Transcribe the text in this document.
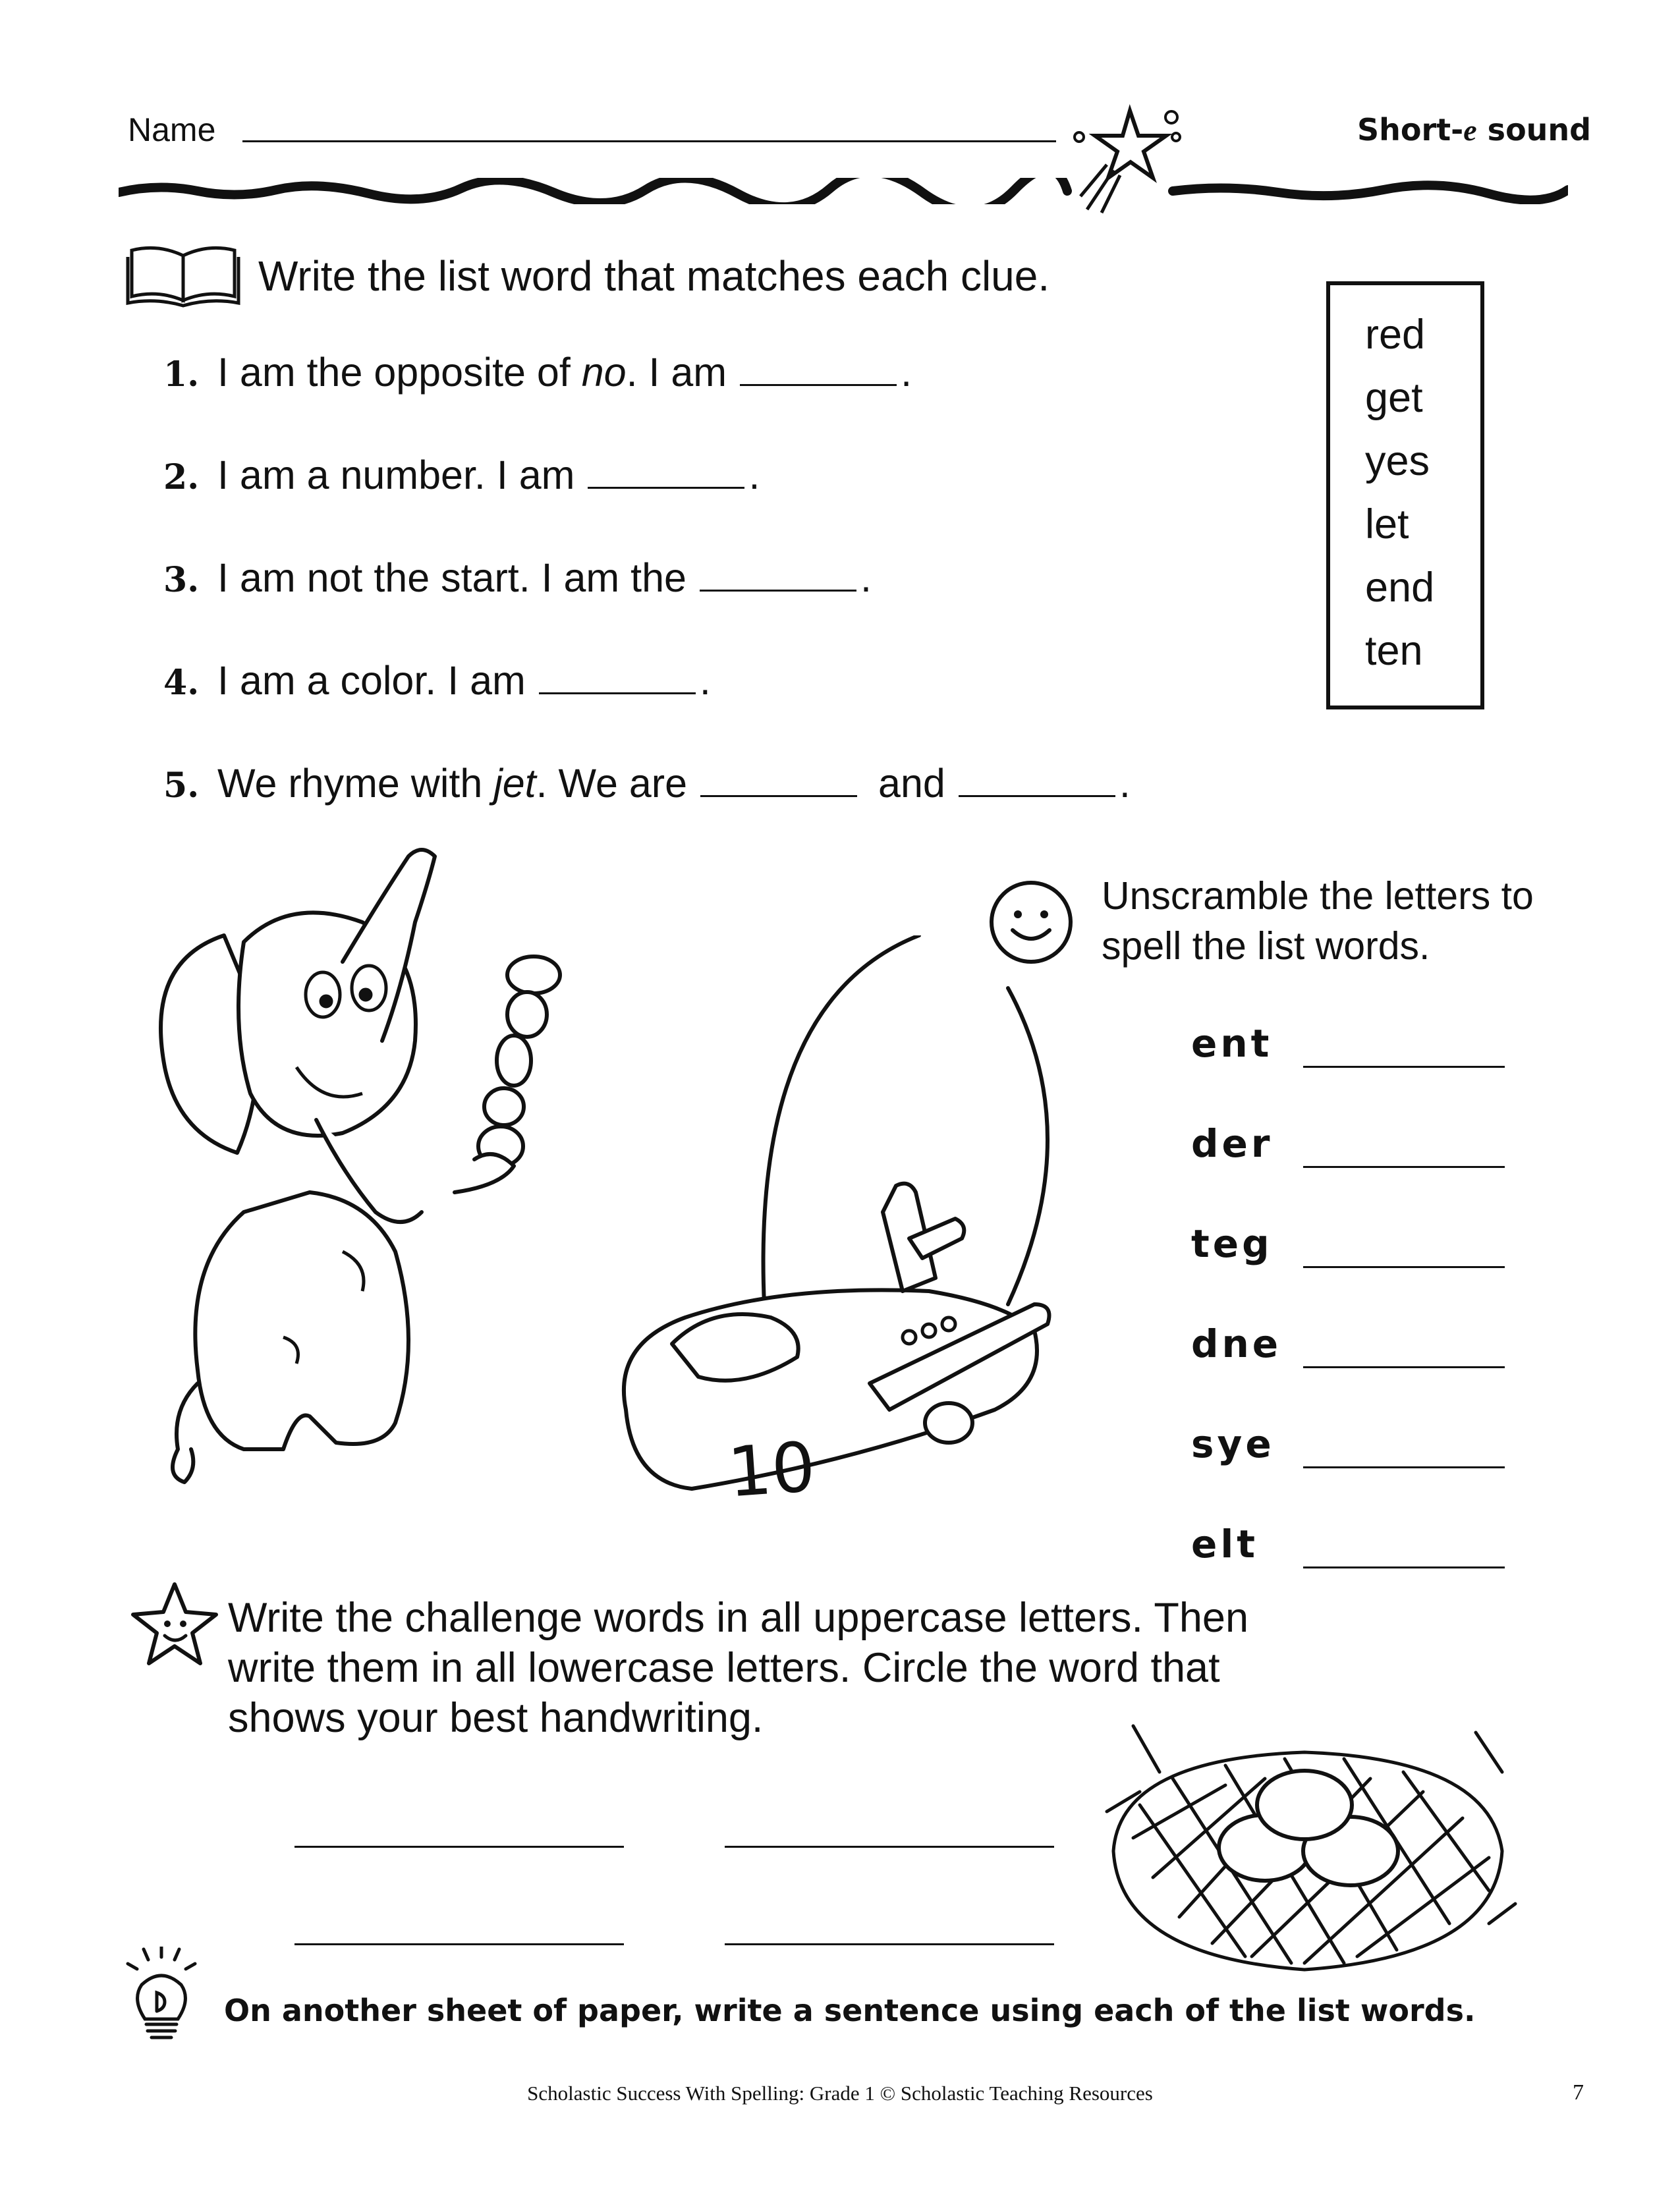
Name	Short-e sound
Write the list word that matches each clue.
1. I am the opposite of no. I am	.
2. I am a number. I am	.
3. I am not the start. I am the	.
4. I am a color. I am	.
5. We rhyme with jet. We are	and	.
red
get
yes
let
end
ten
10
Unscramble the letters to spell the list words.
ent
der
teg
dne
sye
elt
Write the challenge words in all uppercase letters. Then write them in all lowercase letters. Circle the word that shows your best handwriting.
On another sheet of paper, write a sentence using each of the list words.
Scholastic Success With Spelling: Grade 1 © Scholastic Teaching Resources	7
